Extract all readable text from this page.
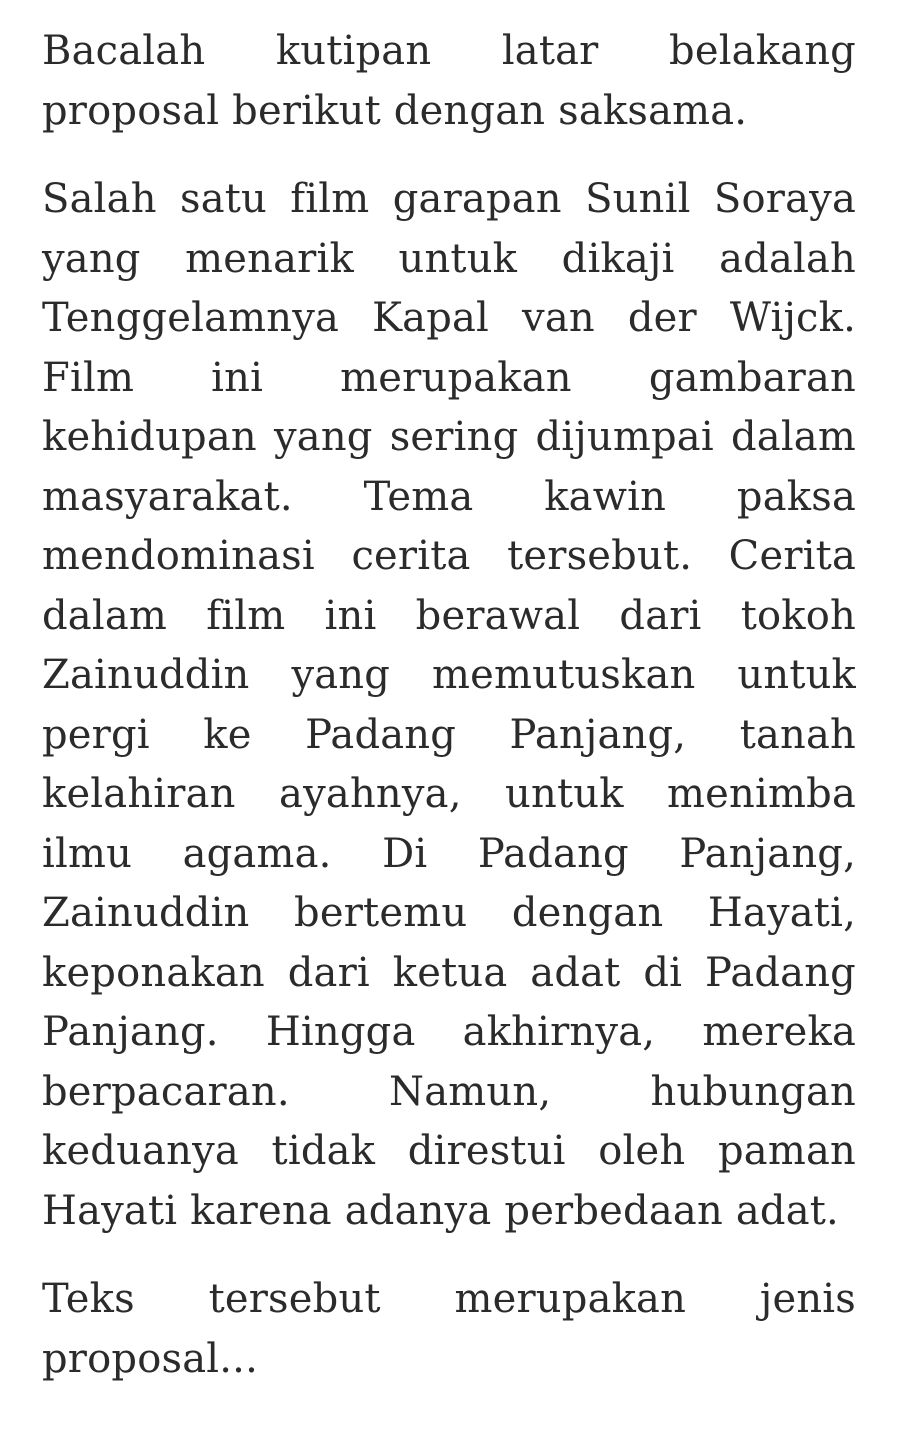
Bacalah kutipan latar belakang proposal berikut dengan saksama.

Salah satu film garapan Sunil Soraya yang menarik untuk dikaji adalah Tenggelamnya Kapal van der Wijck. Film ini merupakan gambaran kehidupan yang sering dijumpai dalam masyarakat. Tema kawin paksa mendominasi cerita tersebut. Cerita dalam film ini berawal dari tokoh Zainuddin yang memutuskan untuk pergi ke Padang Panjang, tanah kelahiran ayahnya, untuk menimba ilmu agama. Di Padang Panjang, Zainuddin bertemu dengan Hayati, keponakan dari ketua adat di Padang Panjang. Hingga akhirnya, mereka berpacaran. Namun, hubungan keduanya tidak direstui oleh paman Hayati karena adanya perbedaan adat.

Teks tersebut merupakan jenis proposal...
